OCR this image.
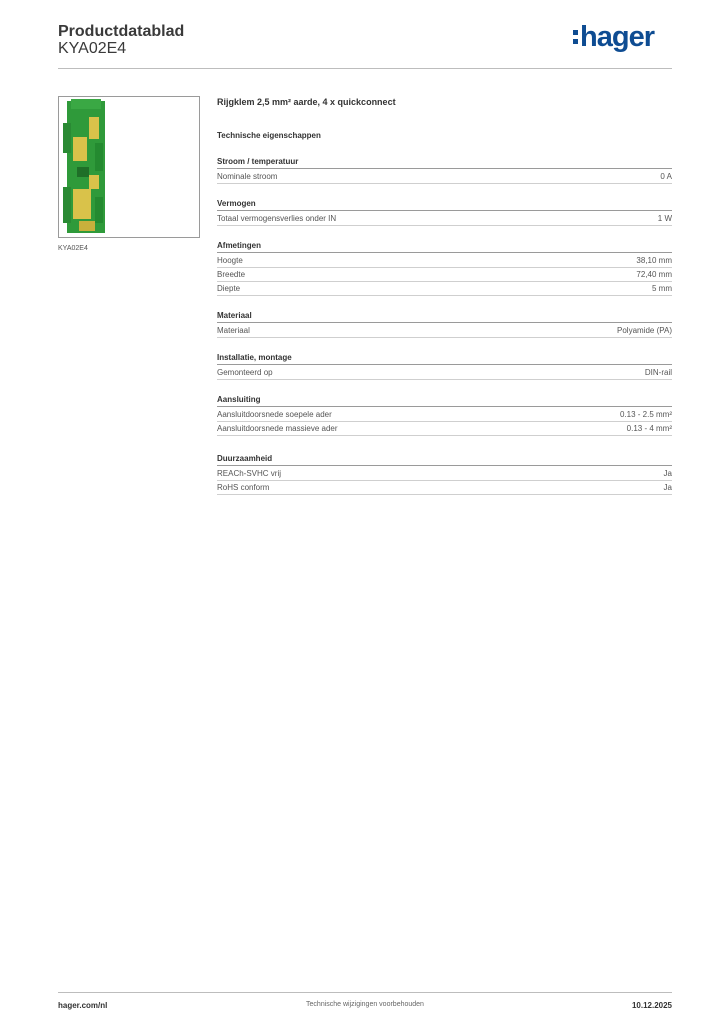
Productdatablad
KYA02E4	hager
KYA02E4
Rijgklem 2,5 mm² aarde, 4 x quickconnect
Technische eigenschappen
Stroom / temperatuur
Nominale stroom	0 A
Vermogen
Totaal vermogensverlies onder IN	1 W
Afmetingen
Hoogte	38,10 mm
Breedte	72,40 mm
Diepte	5 mm
Materiaal
Materiaal	Polyamide (PA)
Installatie, montage
Gemonteerd op	DIN-rail
Aansluiting
Aansluitdoorsnede soepele ader	0.13 - 2.5 mm²
Aansluitdoorsnede massieve ader	0.13 - 4 mm²
Duurzaamheid
REACh-SVHC vrij	Ja
RoHS conform	Ja
hager.com/nl	Technische wijzigingen voorbehouden	10.12.2025
